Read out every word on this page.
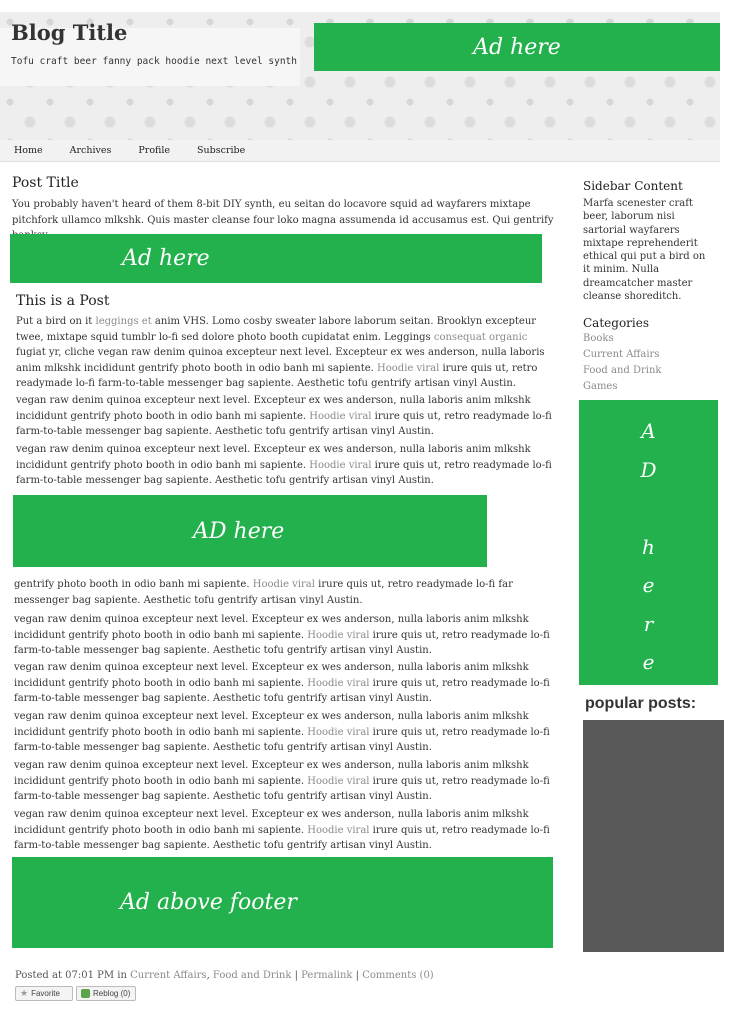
Blog Title
Tofu craft beer fanny pack hoodie next level synth
Ad here
Home	Archives	Profile	Subscribe
Post Title
You probably haven't heard of them 8-bit DIY synth, eu seitan do locavore squid ad wayfarers mixtape pitchfork ullamco mlkshk. Quis master cleanse four loko magna assumenda id accusamus est. Qui gentrify
Ad here
This is a Post
Put a bird on it leggings et anim VHS. Lomo cosby sweater labore laborum seitan. Brooklyn excepteur twee, mixtape squid tumblr lo-fi sed dolore photo booth cupidatat enim. Leggings consequat organic fugiat yr, cliche vegan raw denim quinoa excepteur next level. Excepteur ex wes anderson, nulla laboris anim mlkshk incididunt gentrify photo booth in odio banh mi sapiente. Hoodie viral irure quis ut, retro readymade lo-fi farm-to-table messenger bag sapiente. Aesthetic tofu gentrify artisan vinyl Austin.
vegan raw denim quinoa excepteur next level. Excepteur ex wes anderson, nulla laboris anim mlkshk incididunt gentrify photo booth in odio banh mi sapiente. Hoodie viral irure quis ut, retro readymade lo-fi farm-to-table messenger bag sapiente. Aesthetic tofu gentrify artisan vinyl Austin.
vegan raw denim quinoa excepteur next level. Excepteur ex wes anderson, nulla laboris anim mlkshk incididunt gentrify photo booth in odio banh mi sapiente. Hoodie viral irure quis ut, retro readymade lo-fi farm-to-table messenger bag sapiente. Aesthetic tofu gentrify artisan vinyl Austin.
AD here
gentrify photo booth in odio banh mi sapiente. Hoodie viral irure quis ut, retro readymade lo-fi far
messenger bag sapiente. Aesthetic tofu gentrify artisan vinyl Austin.
vegan raw denim quinoa excepteur next level. Excepteur ex wes anderson, nulla laboris anim mlkshk incididunt gentrify photo booth in odio banh mi sapiente. Hoodie viral irure quis ut, retro readymade lo-fi farm-to-table messenger bag sapiente. Aesthetic tofu gentrify artisan vinyl Austin.
vegan raw denim quinoa excepteur next level. Excepteur ex wes anderson, nulla laboris anim mlkshk incididunt gentrify photo booth in odio banh mi sapiente. Hoodie viral irure quis ut, retro readymade lo-fi farm-to-table messenger bag sapiente. Aesthetic tofu gentrify artisan vinyl Austin.
vegan raw denim quinoa excepteur next level. Excepteur ex wes anderson, nulla laboris anim mlkshk incididunt gentrify photo booth in odio banh mi sapiente. Hoodie viral irure quis ut, retro readymade lo-fi farm-to-table messenger bag sapiente. Aesthetic tofu gentrify artisan vinyl Austin.
vegan raw denim quinoa excepteur next level. Excepteur ex wes anderson, nulla laboris anim mlkshk incididunt gentrify photo booth in odio banh mi sapiente. Hoodie viral irure quis ut, retro readymade lo-fi farm-to-table messenger bag sapiente. Aesthetic tofu gentrify artisan vinyl Austin.
vegan raw denim quinoa excepteur next level. Excepteur ex wes anderson, nulla laboris anim mlkshk incididunt gentrify photo booth in odio banh mi sapiente. Hoodie viral irure quis ut, retro readymade lo-fi farm-to-table messenger bag sapiente. Aesthetic tofu gentrify artisan vinyl Austin.
Ad above footer
Sidebar Content
Marfa scenester craft beer, laborum nisi sartorial wayfarers mixtape reprehenderit ethical qui put a bird on it minim. Nulla dreamcatcher master cleanse shoreditch.
Categories
Books
Current Affairs
Food and Drink
Games
A
D
h
e
r
e
popular posts:
Posted at 07:01 PM in Current Affairs, Food and Drink | Permalink | Comments (0)
★ Favorite	Reblog (0)
